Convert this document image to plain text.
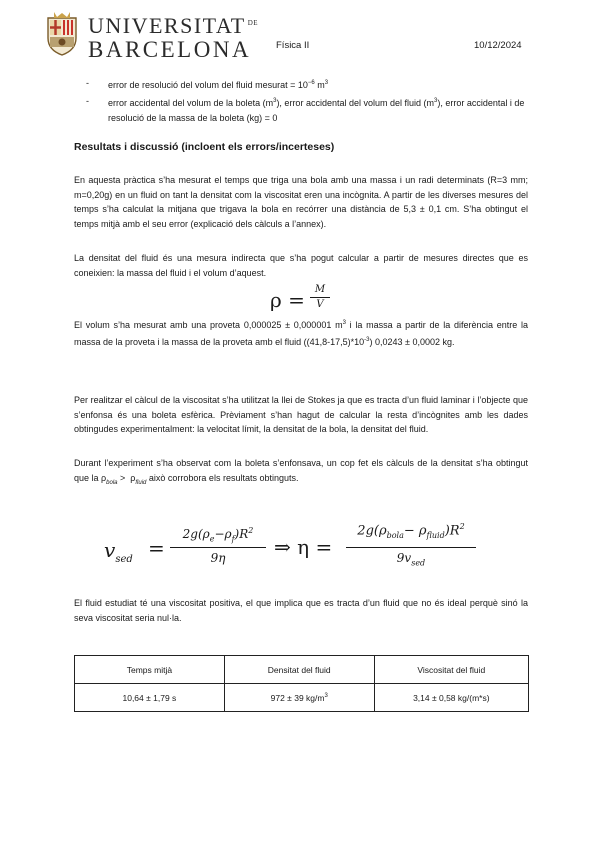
UNIVERSITAT $^{DE}$
BARCELONA	Física II	10/12/2024
- error de resolució del volum del fluid mesurat = $10^{-6}$ $m^3$
- error accidental del volum de la boleta $(m^3)$, error accidental del volum del fluid $(m^3)$, error accidental i de resolució de la massa de la boleta (kg) = 0
Resultats i discussió (incloent els errors/incerteses)
En aquesta pràctica s’ha mesurat el temps que triga una bola amb una massa i un radi determinats (R=3 mm; m=0,20g) en un fluid on tant la densitat com la viscositat eren una incògnita. A partir de les diverses mesures del temps s’ha calculat la mitjana que trigava la bola en recórrer una distància de 5,3 ± 0,1 cm. S’ha obtingut el temps mitjà amb el seu error (explicació dels càlculs a l’annex).
La densitat del fluid és una mesura indirecta que s’ha pogut calcular a partir de mesures directes que es coneixien: la massa del fluid i el volum d’aquest.
ρ = M
V
El volum s’ha mesurat amb una proveta 0,000025 ± 0,000001 $m^3$ i la massa a partir de la diferència entre la massa de la proveta i la massa de la proveta amb el fluid $((41,8-17,5)*10^{-3}) 0,0243 \pm 0,0002$ kg.
Per realitzar el càlcul de la viscositat s’ha utilitzat la llei de Stokes ja que es tracta d’un fluid laminar i l’objecte que s’enfonsa és una boleta esfèrica. Prèviament s’han hagut de calcular la resta d’incògnites amb les dades obtingudes experimentalment: la velocitat límit, la densitat de la bola, la densitat del fluid.
Durant l’experiment s’ha observat com la boleta s’enfonsava, un cop fet els càlculs de la densitat s’ha obtingut que la $\rho_{bola} > \rho_{fluid}$ això corrobora els resultats obtinguts.
$v_{sed}$ =
$2g(\rho_e-\rho_f)R^2$
9η	⇒ η =
$2g(\rho_{bola}- \rho_{fluid})R^2$
$9v_{sed}$
El fluid estudiat té una viscositat positiva, el que implica que es tracta d’un fluid que no és ideal perquè sinó la seva viscositat seria nul·la.
Temps mitjà	Densitat del fluid	Viscositat del fluid
10,64 ± 1,79 s	972 ± 39 $kg/m^3$	3,14 ± 0,58 kg/(m*s)
